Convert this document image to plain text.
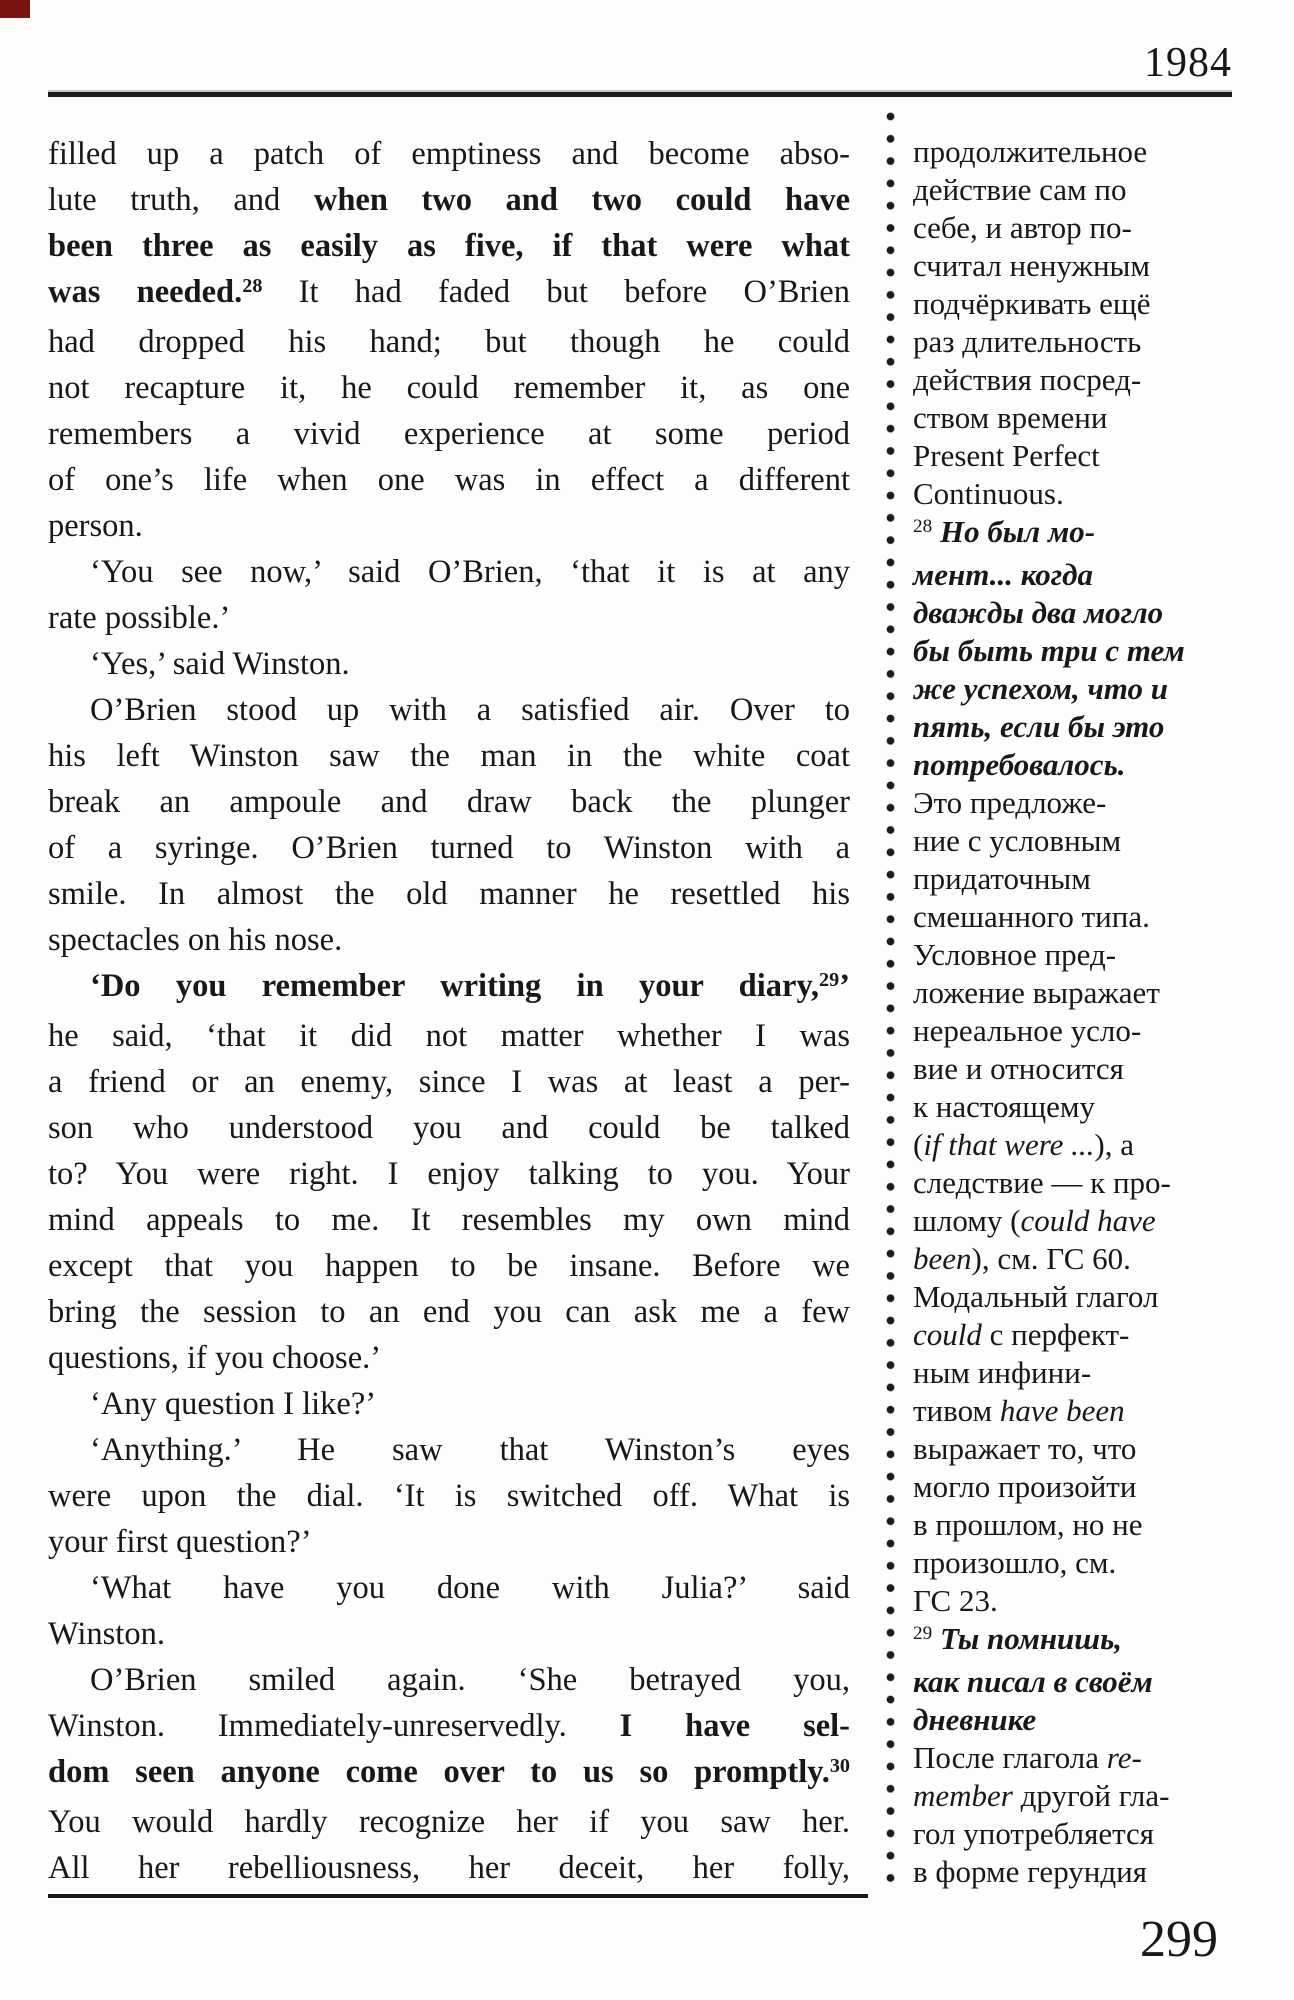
1984
filled up a patch of emptiness and become abso-
lute truth, and when two and two could have
been three as easily as five, if that were what
was needed.$^{28}$ It had faded but before O’Brien
had dropped his hand; but though he could
not recapture it, he could remember it, as one
remembers a vivid experience at some period
of one’s life when one was in effect a different
person.
‘You see now,’ said O’Brien, ‘that it is at any
rate possible.’
‘Yes,’ said Winston.
O’Brien stood up with a satisfied air. Over to
his left Winston saw the man in the white coat
break an ampoule and draw back the plunger
of a syringe. O’Brien turned to Winston with a
smile. In almost the old manner he resettled his
spectacles on his nose.
‘Do you remember writing in your diary,$^{29}$’
he said, ‘that it did not matter whether I was
a friend or an enemy, since I was at least a per-
son who understood you and could be talked
to? You were right. I enjoy talking to you. Your
mind appeals to me. It resembles my own mind
except that you happen to be insane. Before we
bring the session to an end you can ask me a few
questions, if you choose.’
‘Any question I like?’
‘Anything.’ He saw that Winston’s eyes
were upon the dial. ‘It is switched off. What is
your first question?’
‘What have you done with Julia?’ said
Winston.
O’Brien smiled again. ‘She betrayed you,
Winston. Immediately-unreservedly. I have sel-
dom seen anyone come over to us so promptly.$^{30}$
You would hardly recognize her if you saw her.
All her rebelliousness, her deceit, her folly,
продолжительное
действие сам по
себе, и автор по-
считал ненужным
подчёркивать ещё
раз длительность
действия посред-
ством времени
Present Perfect
Continuous.
$^{28}$ Но был мо-
мент... когда
дважды два могло
бы быть три с тем
же успехом, что и
пять, если бы это
потребовалось.
Это предложе-
ние с условным
придаточным
смешанного типа.
Условное пред-
ложение выражает
нереальное усло-
вие и относится
к настоящему
(if that were ...), а
следствие — к про-
шлому (could have
been), см. ГС 60.
Модальный глагол
could с перфект-
ным инфини-
тивом have been
выражает то, что
могло произойти
в прошлом, но не
произошло, см.
ГС 23.
$^{29}$ Ты помнишь,
как писал в своём
дневнике
После глагола re-
member другой гла-
гол употребляется
в форме герундия
299
